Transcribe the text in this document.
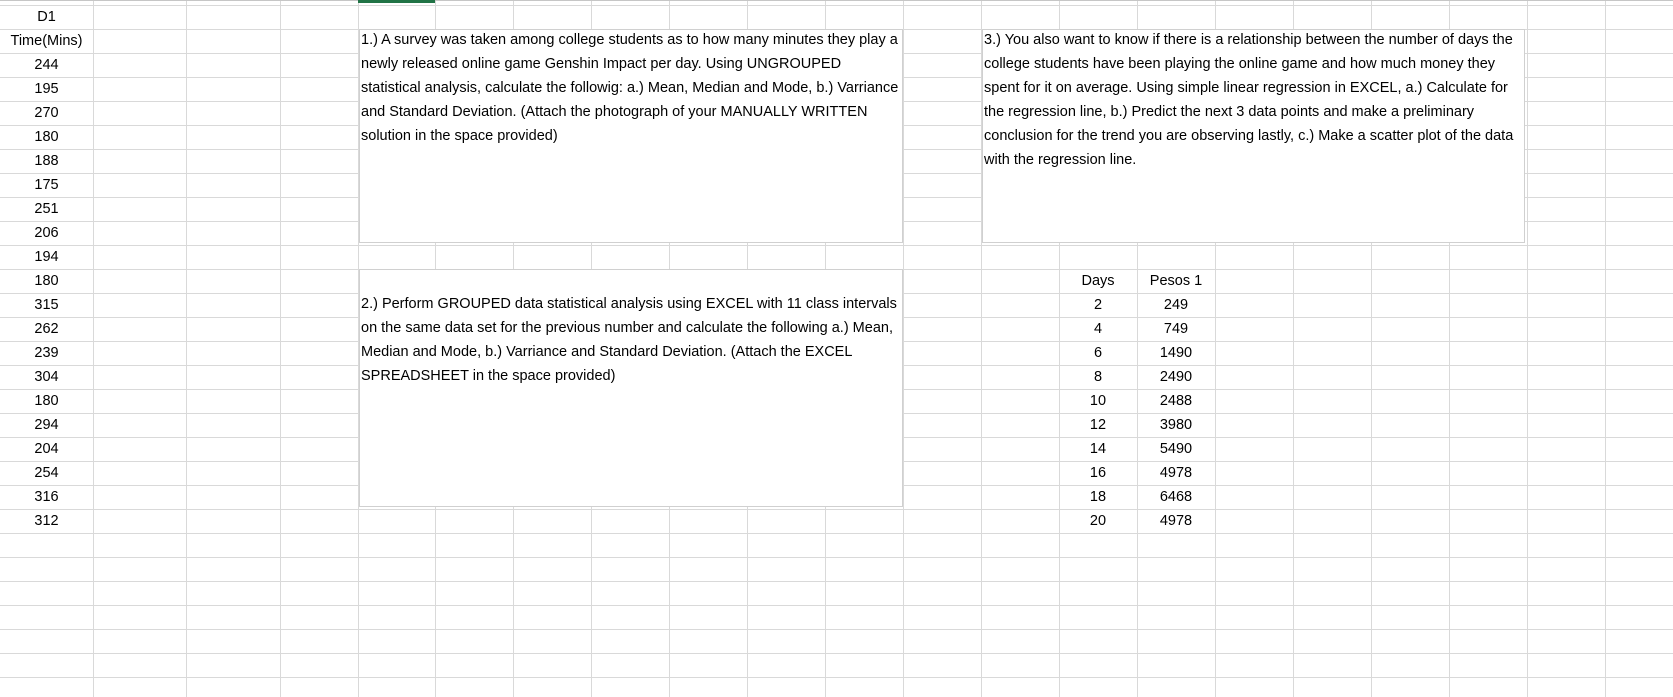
D1
Time(Mins)
244
195
270
180
188
175
251
206
194
180
315
262
239
304
180
294
204
254
316
312
1.) A survey was taken among college students as to how many minutes they play a newly released online game Genshin Impact per day. Using UNGROUPED statistical analysis, calculate the followig: a.) Mean, Median and Mode, b.) Varriance and Standard Deviation. (Attach the photograph of your MANUALLY WRITTEN solution in the space provided)
2.) Perform GROUPED data statistical analysis using EXCEL with 11 class intervals on the same data set for the previous number and calculate the following a.) Mean, Median and Mode, b.) Varriance and Standard Deviation. (Attach the EXCEL SPREADSHEET in the space provided)
3.) You also want to know if there is a relationship between the number of days the college students have been playing the online game and how much money they spent for it on average. Using simple linear regression in EXCEL, a.) Calculate for the regression line, b.) Predict the next 3 data points and make a preliminary conclusion for the trend you are observing lastly, c.) Make a scatter plot of the data with the regression line.
Days	Pesos 1
2
4
6
8
10
12
14
16
18
20
249
749
1490
2490
2488
3980
5490
4978
6468
4978
